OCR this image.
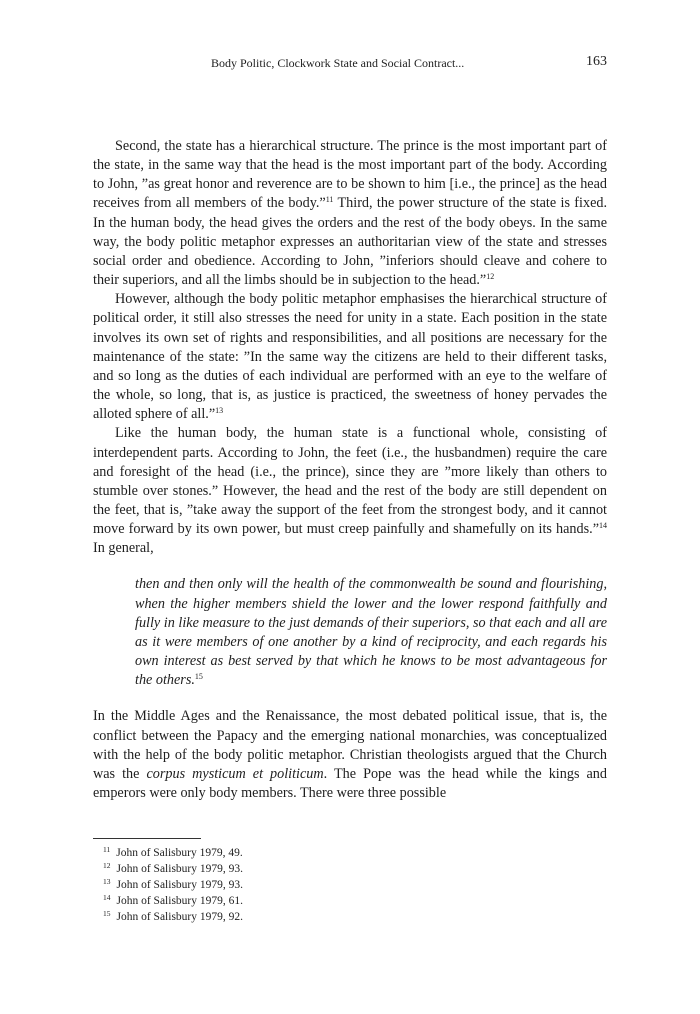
Body Politic, Clockwork State and Social Contract...	163

Second, the state has a hierarchical structure. The prince is the most important part of the state, in the same way that the head is the most important part of the body. According to John, ”as great honor and reverence are to be shown to him [i.e., the prince] as the head receives from all members of the body.”$^{11}$ Third, the power structure of the state is fixed. In the human body, the head gives the orders and the rest of the body obeys. In the same way, the body politic metaphor expresses an authoritarian view of the state and stresses social order and obedience. According to John, ”inferiors should cleave and cohere to their superiors, and all the limbs should be in subjection to the head.”$^{12}$

However, although the body politic metaphor emphasises the hierarchical structure of political order, it still also stresses the need for unity in a state. Each position in the state involves its own set of rights and responsibilities, and all positions are necessary for the maintenance of the state: ”In the same way the citizens are held to their different tasks, and so long as the duties of each individual are performed with an eye to the welfare of the whole, so long, that is, as justice is practiced, the sweetness of honey pervades the alloted sphere of all.”$^{13}$

Like the human body, the human state is a functional whole, consisting of interdependent parts. According to John, the feet (i.e., the husbandmen) require the care and foresight of the head (i.e., the prince), since they are ”more likely than others to stumble over stones.” However, the head and the rest of the body are still dependent on the feet, that is, ”take away the support of the feet from the strongest body, and it cannot move forward by its own power, but must creep painfully and shamefully on its hands.”$^{14}$ In general,

then and then only will the health of the commonwealth be sound and flourishing, when the higher members shield the lower and the lower respond faithfully and fully in like measure to the just demands of their superiors, so that each and all are as it were members of one another by a kind of reciprocity, and each regards his own interest as best served by that which he knows to be most advantageous for the others.$^{15}$

In the Middle Ages and the Renaissance, the most debated political issue, that is, the conflict between the Papacy and the emerging national monarchies, was conceptualized with the help of the body politic metaphor. Christian theologists argued that the Church was the corpus mysticum et politicum. The Pope was the head while the kings and emperors were only body members. There were three possible

$^{11}$ John of Salisbury 1979, 49.
$^{12}$ John of Salisbury 1979, 93.
$^{13}$ John of Salisbury 1979, 93.
$^{14}$ John of Salisbury 1979, 61.
$^{15}$ John of Salisbury 1979, 92.
